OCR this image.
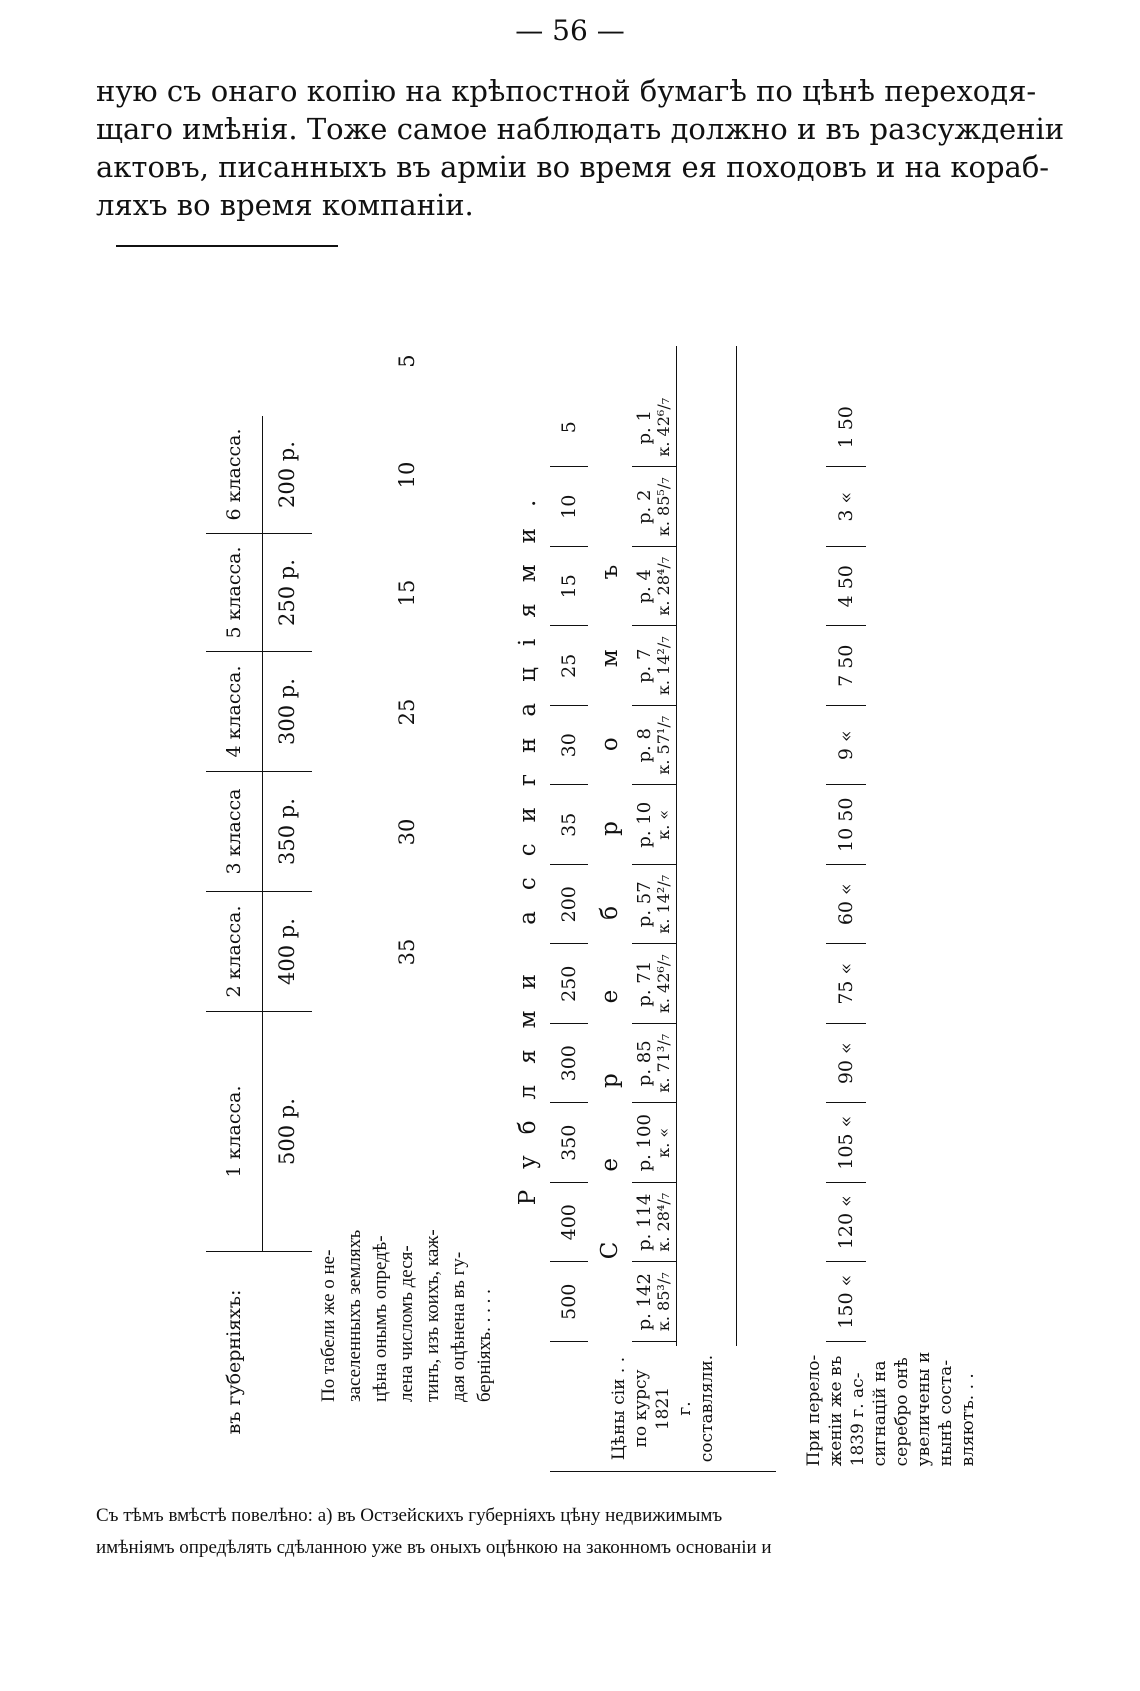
— 56 —
ную съ онаго копію на крѣпостной бумагѣ по цѣнѣ переходя-
щаго имѣнія. Тоже самое наблюдать должно и въ разсужденіи
актовъ, писанныхъ въ арміи во время ея походовъ и на кораб-
ляхъ во время компаніи.
въ губерніяхъ:
1 класса.
2 класса.
3 класса
4 класса.
5 класса.
6 класса.
500 р.
400 р.
350 р.
300 р.
250 р.
200 р.
По табели же о не-
заселенныхъ земляхъ
цѣна онымъ опредѣ-
лена числомъ деся-
тинъ, изъ коихъ, каж-
дая оцѣнена въ гу-
берніяхъ. . . . .
35
30
25
15
10
5
Рублями ассигнаціями.
Цѣны сіи . .
по курсу 1821
г. составляли.
500
400
350
300
250
200
35
30
25
15
10
5
Серебромъ
р. 142 к. 85³/₇
р. 114 к. 28⁴/₇
р. 100 к. «
р. 85 к. 71³/₇
р. 71 к. 42⁶/₇
р. 57 к. 14²/₇
р. 10 к. «
р. 8 к. 57¹/₇
р. 7 к. 14²/₇
р. 4 к. 28⁴/₇
р. 2 к. 85⁵/₇
р. 1 к. 42⁶/₇
При перело-
женіи же въ
1839 г. ас-
сигнацій на
серебро онѣ
увеличены и
нынѣ соста-
вляютъ. . .
150 «
120 «
105 «
90 «
75 «
60 «
10 50
9 «
7 50
4 50
3 «
1 50
Съ тѣмъ вмѣстѣ повелѣно: а) въ Остзейскихъ губерніяхъ цѣну недвижимымъ
имѣніямъ опредѣлять сдѣланною уже въ оныхъ оцѣнкою на законномъ основаніи и
